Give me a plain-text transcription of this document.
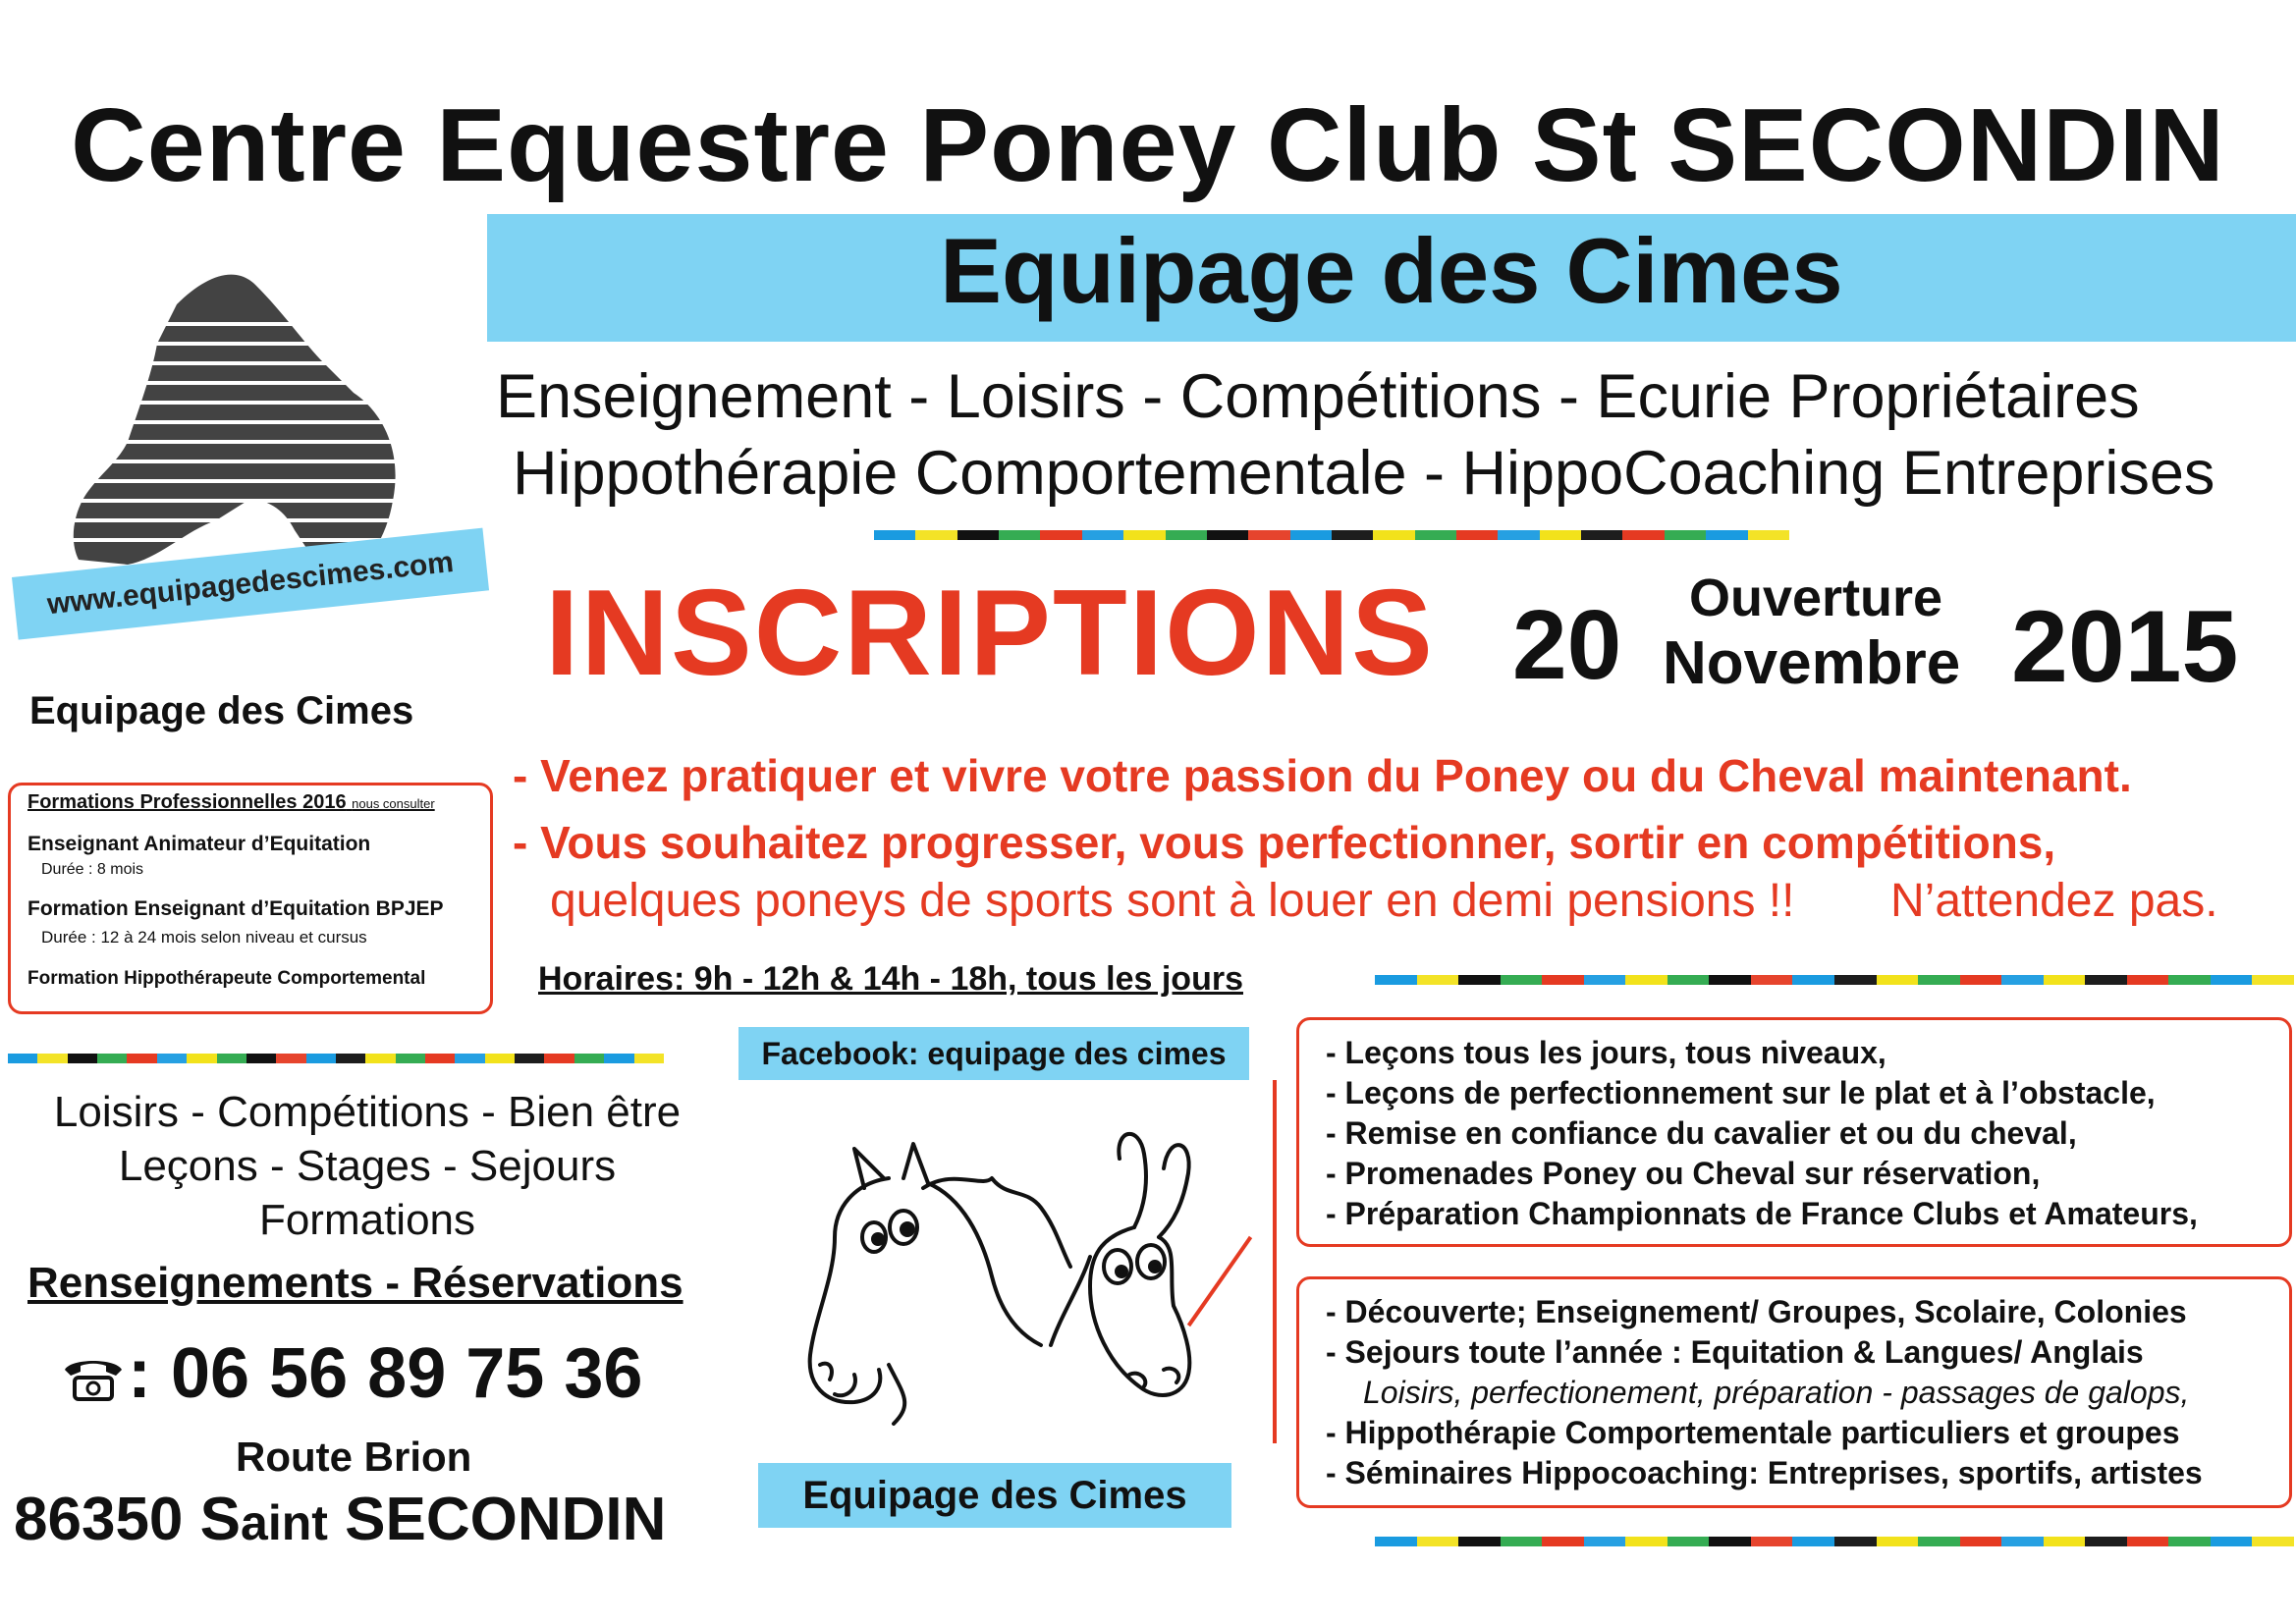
Centre Equestre Poney Club St SECONDIN
Equipage des Cimes
Enseignement - Loisirs - Compétitions - Ecurie Propriétaires
Hippothérapie Comportementale - HippoCoaching Entreprises
www.equipagedescimes.com
Equipage des Cimes
INSCRIPTIONS 20 Ouverture
Novembre 2015
- Venez pratiquer et vivre votre passion du Poney ou du Cheval maintenant.
- Vous souhaitez progresser, vous perfectionner, sortir en compétitions,
quelques poneys de sports sont à louer en demi pensions !! N’attendez pas.
Horaires: 9h - 12h & 14h - 18h, tous les jours
Formations Professionnelles 2016 nous consulter
Enseignant Animateur d’Equitation
Durée : 8 mois
Formation Enseignant d’Equitation BPJEP
Durée : 12 à 24 mois selon niveau et cursus
Formation Hippothérapeute Comportemental
Loisirs - Compétitions - Bien être
Leçons - Stages - Sejours
Formations
Renseignements - Réservations
: 06 56 89 75 36
Route Brion
86350 Saint SECONDIN
Facebook: equipage des cimes
Equipage des Cimes
- Leçons tous les jours, tous niveaux,
- Leçons de perfectionnement sur le plat et à l’obstacle,
- Remise en confiance du cavalier et ou du cheval,
- Promenades Poney ou Cheval sur réservation,
- Préparation Championnats de France Clubs et Amateurs,
- Découverte; Enseignement/ Groupes, Scolaire, Colonies
- Sejours toute l’année : Equitation & Langues/ Anglais
Loisirs, perfectionement, préparation - passages de galops,
- Hippothérapie Comportementale particuliers et groupes
- Séminaires Hippocoaching: Entreprises, sportifs, artistes
